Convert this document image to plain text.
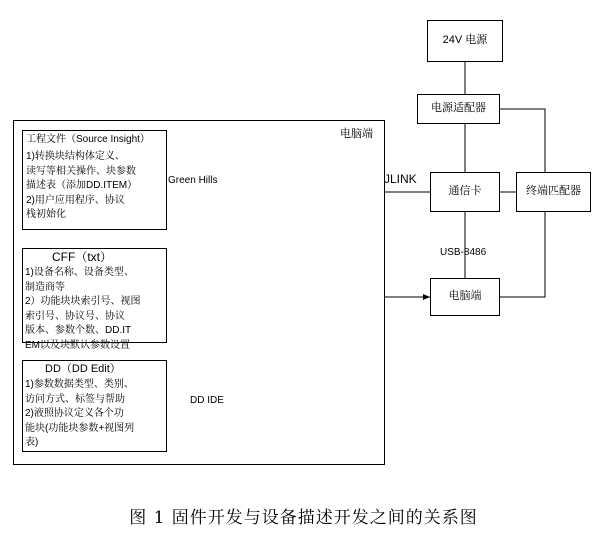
24V 电源
电源适配器
通信卡	终端匹配器
电脑端
电脑端
工程文件（Source Insight）
1)转换块结构体定义、
读写等相关操作、块参数
描述表（添加DD.ITEM）
2)用户应用程序、协议
栈初始化
CFF（txt）
1)设备名称、设备类型、
制造商等
2）功能块块索引号、视图
索引号、协议号、协议
版本、参数个数、DD.IT
EM以及块默认参数设置
DD（DD Edit）
1)参数数据类型、类别、
访问方式、标签与帮助
2)液照协议定义各个功
能块(功能块参数+视图列
表)
Green Hills	JLINK
USB-8486
DD IDE
图 1 固件开发与设备描述开发之间的关系图
